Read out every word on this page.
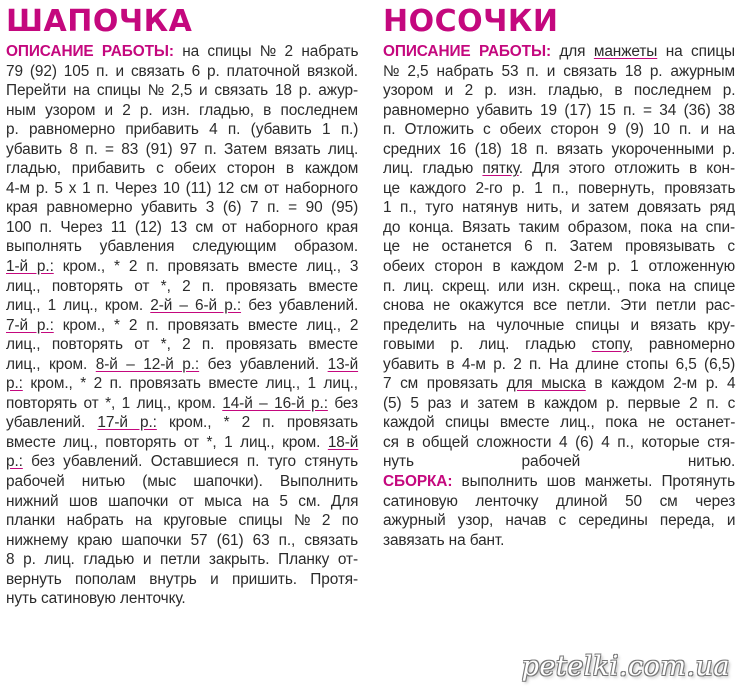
ШАПОЧКА
ОПИСАНИЕ РАБОТЫ: на спицы № 2 набрать
79 (92) 105 п. и связать 6 р. платочной вязкой.
Перейти на спицы № 2,5 и связать 18 р. ажур-
ным узором и 2 р. изн. гладью, в последнем
р. равномерно прибавить 4 п. (убавить 1 п.)
убавить 8 п. = 83 (91) 97 п. Затем вязать лиц.
гладью, прибавить с обеих сторон в каждом
4-м р. 5 х 1 п. Через 10 (11) 12 см от наборного
края равномерно убавить 3 (6) 7 п. = 90 (95)
100 п. Через 11 (12) 13 см от наборного края
выполнять убавления следующим образом.
1-й р.: кром., * 2 п. провязать вместе лиц., 3
лиц., повторять от *, 2 п. провязать вместе
лиц., 1 лиц., кром. 2-й – 6-й р.: без убавлений.
7-й р.: кром., * 2 п. провязать вместе лиц., 2
лиц., повторять от *, 2 п. провязать вместе
лиц., кром. 8-й – 12-й р.: без убавлений. 13-й
р.: кром., * 2 п. провязать вместе лиц., 1 лиц.,
повторять от *, 1 лиц., кром. 14-й – 16-й р.: без
убавлений. 17-й р.: кром., * 2 п. провязать
вместе лиц., повторять от *, 1 лиц., кром. 18-й
р.: без убавлений. Оставшиеся п. туго стянуть
рабочей нитью (мыс шапочки). Выполнить
нижний шов шапочки от мыса на 5 см. Для
планки набрать на круговые спицы № 2 по
нижнему краю шапочки 57 (61) 63 п., связать
8 р. лиц. гладью и петли закрыть. Планку от-
вернуть пополам внутрь и пришить. Протя-
нуть сатиновую ленточку.
НОСОЧКИ
ОПИСАНИЕ РАБОТЫ: для манжеты на спицы
№ 2,5 набрать 53 п. и связать 18 р. ажурным
узором и 2 р. изн. гладью, в последнем р.
равномерно убавить 19 (17) 15 п. = 34 (36) 38
п. Отложить с обеих сторон 9 (9) 10 п. и на
средних 16 (18) 18 п. вязать укороченными р.
лиц. гладью пятку. Для этого отложить в кон-
це каждого 2-го р. 1 п., повернуть, провязать
1 п., туго натянув нить, и затем довязать ряд
до конца. Вязать таким образом, пока на спи-
це не останется 6 п. Затем провязывать с
обеих сторон в каждом 2-м р. 1 отложенную
п. лиц. скрещ. или изн. скрещ., пока на спице
снова не окажутся все петли. Эти петли рас-
пределить на чулочные спицы и вязать кру-
говыми р. лиц. гладью стопу, равномерно
убавить в 4-м р. 2 п. На длине стопы 6,5 (6,5)
7 см провязать для мыска в каждом 2-м р. 4
(5) 5 раз и затем в каждом р. первые 2 п. с
каждой спицы вместе лиц., пока не останет-
ся в общей сложности 4 (6) 4 п., которые стя-
нуть рабочей нитью.
СБОРКА: выполнить шов манжеты. Протянуть
сатиновую ленточку длиной 50 см через
ажурный узор, начав с середины переда, и
завязать на бант.
petelki.com.ua
